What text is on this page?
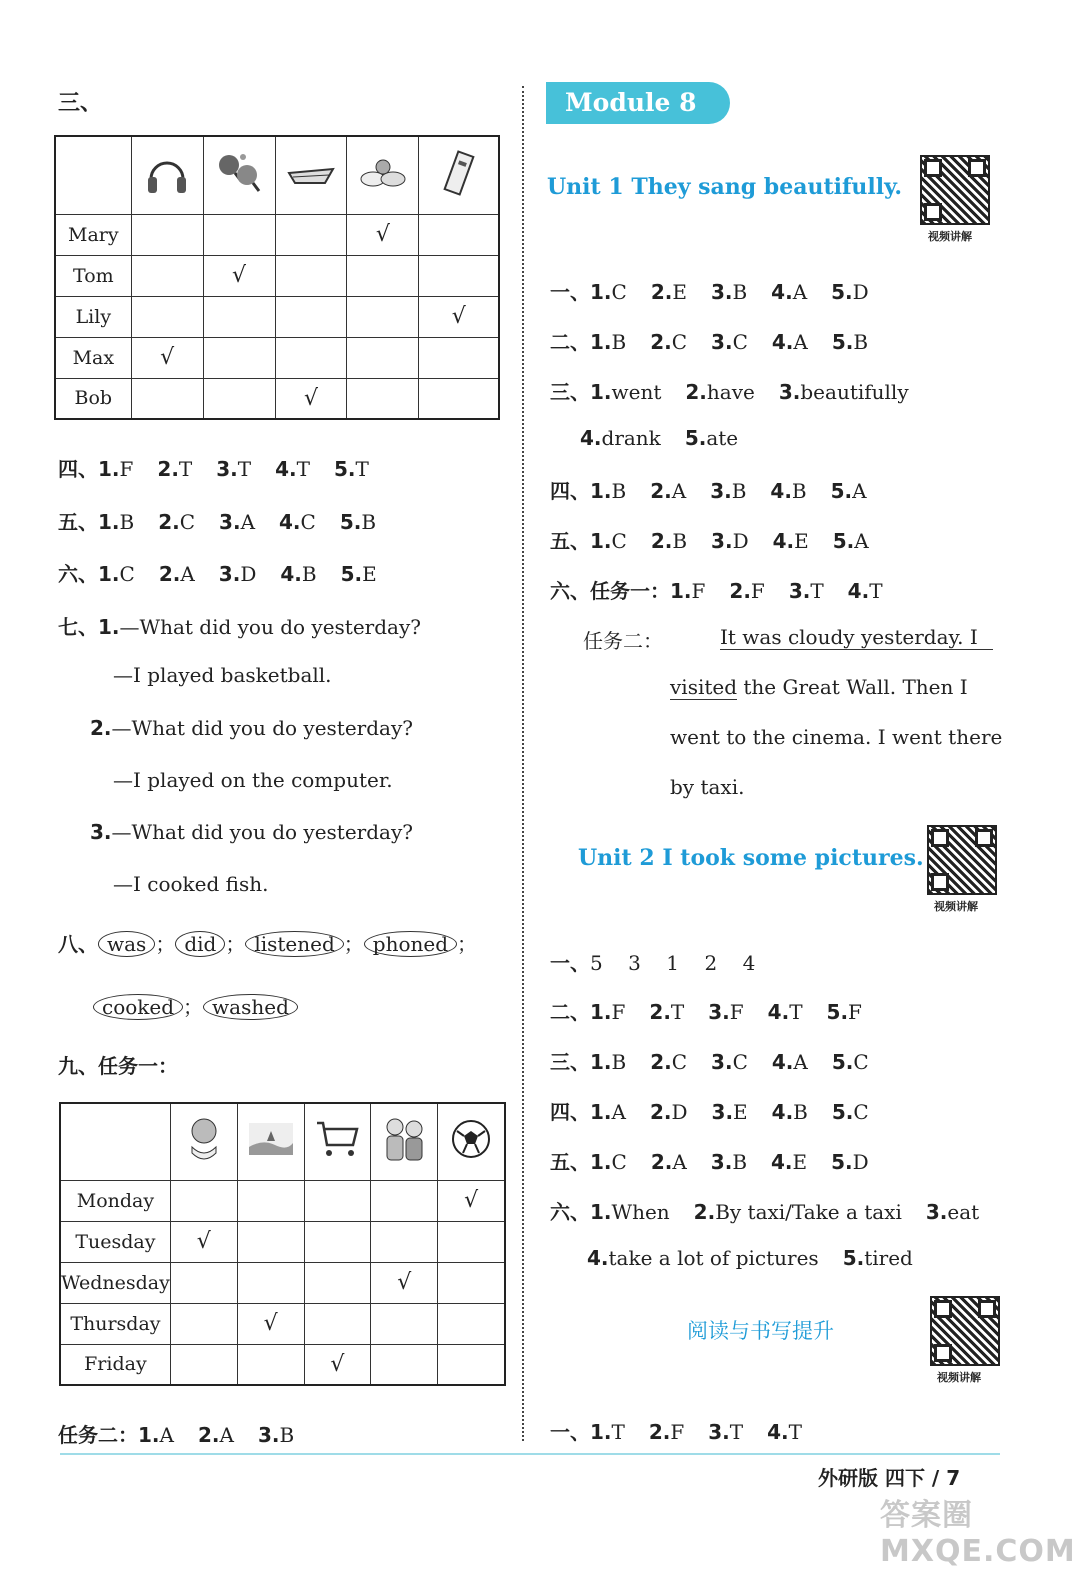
三、

Mary				√	
Tom		√			
Lily					√
Max	√				
Bob			√		

Monday					√
Tuesday	√				
Wednesday				√	
Thursday		√			
Friday			√		
四、1.F 2.T 3.T 4.T 5.T
五、1.B 2.C 3.A 4.C 5.B
六、1.C 2.A 3.D 4.B 5.E
七、1.—What did you do yesterday?
—I played basketball.
2.—What did you do yesterday?
—I played on the computer.
3.—What did you do yesterday?
—I cooked fish.
八、 was ； did ； listened ； phoned ；
cooked ； washed
九、任务一：
任务二：1.A 2.A 3.B
Module 8
Unit 1 They sang beautifully.
视频讲解
一、1.C 2.E 3.B 4.A 5.D
二、1.B 2.C 3.C 4.A 5.B
三、1.went 2.have 3.beautifully
4.drank 5.ate
四、1.B 2.A 3.B 4.B 5.A
五、1.C 2.B 3.D 4.E 5.A
六、任务一：1.F 2.F 3.T 4.T
任务二：	It was cloudy yesterday. I
visited the Great Wall. Then I
went to the cinema. I went there
by taxi.
Unit 2 I took some pictures.
视频讲解
一、5    3    1    2    4
二、1.F 2.T 3.F 4.T 5.F
三、1.B 2.C 3.C 4.A 5.C
四、1.A 2.D 3.E 4.B 5.C
五、1.C 2.A 3.B 4.E 5.D
六、1.When 2.By taxi/Take a taxi 3.eat
4.take a lot of pictures 5.tired
阅读与书写提升
视频讲解
一、1.T 2.F 3.T 4.T
外研版 四下 / 7
答案圈 MXQE.COM
